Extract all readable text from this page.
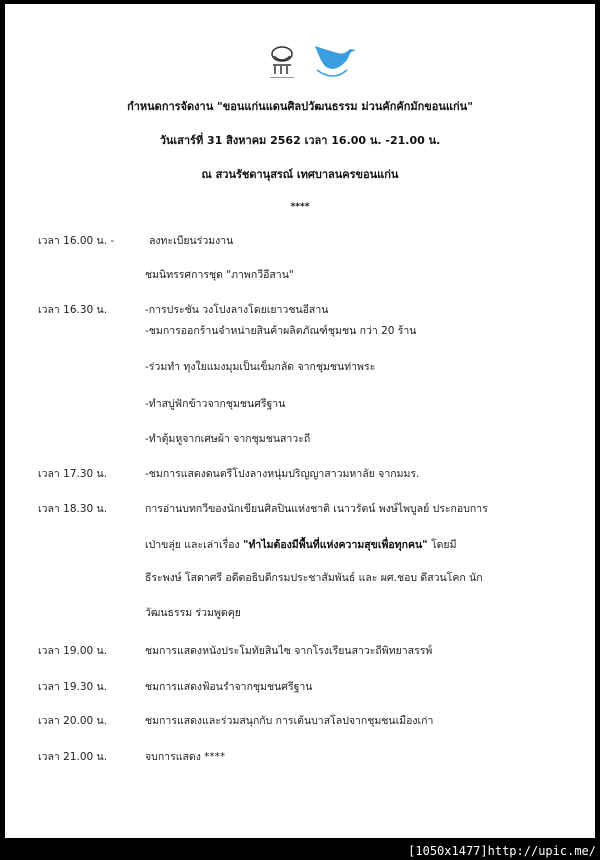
กำหนดการจัดงาน "ขอนแก่นแดนศิลปวัฒนธรรม ม่วนคักคักมักขอนแก่น"
วันเสาร์ที่ 31 สิงหาคม 2562 เวลา 16.00 น. -21.00 น.
ณ สวนรัชดานุสรณ์ เทศบาลนครขอนแก่น
****
เวลา 16.00 น. -	ลงทะเบียนร่วมงาน
ชมนิทรรศการชุด "ภาพกวีอีสาน"
เวลา 16.30 น.	-การประชัน วงโปงลางโดยเยาวชนอีสาน
-ชมการออกร้านจำหน่ายสินค้าผลิตภัณฑ์ชุมชน กว่า 20 ร้าน
-ร่วมทำ ทุงใยแมงมุมเป็นเข็มกลัด จากชุมชนท่าพระ
-ทำสบู่ฟักข้าวจากชุมชนศรีฐาน
-ทำตุ้มหูจากเศษผ้า จากชุมชนสาวะถี
เวลา 17.30 น.	-ชมการแสดงดนตรีโปงลางหนุ่มปริญญาสาวมหาลัย จากมมร.
เวลา 18.30 น.	การอ่านบทกวีของนักเขียนศิลปินแห่งชาติ เนาวรัตน์ พงษ์ไพบูลย์ ประกอบการ
เป่าขลุ่ย และเล่าเรื่อง "ทำไมต้องมีพื้นที่แห่งความสุขเพื่อทุกคน" โดยมี
ธีระพงษ์ โสดาศรี อดีตอธิบดีกรมประชาสัมพันธ์ และ ผศ.ชอบ ดีสวนโคก นัก
วัฒนธรรม ร่วมพูดคุย
เวลา 19.00 น.	ชมการแสดงหนังประโมทัยสินไซ จากโรงเรียนสาวะถีพิทยาสรรพ์
เวลา 19.30 น.	ชมการแสดงฟ้อนรำจากชุมชนศรีฐาน
เวลา 20.00 น.	ชมการแสดงและร่วมสนุกกับ การเต้นบาสโลปจากชุมชนเมืองเก่า
เวลา 21.00 น.	จบการแสดง ****
[1050x1477]http://upic.me/
